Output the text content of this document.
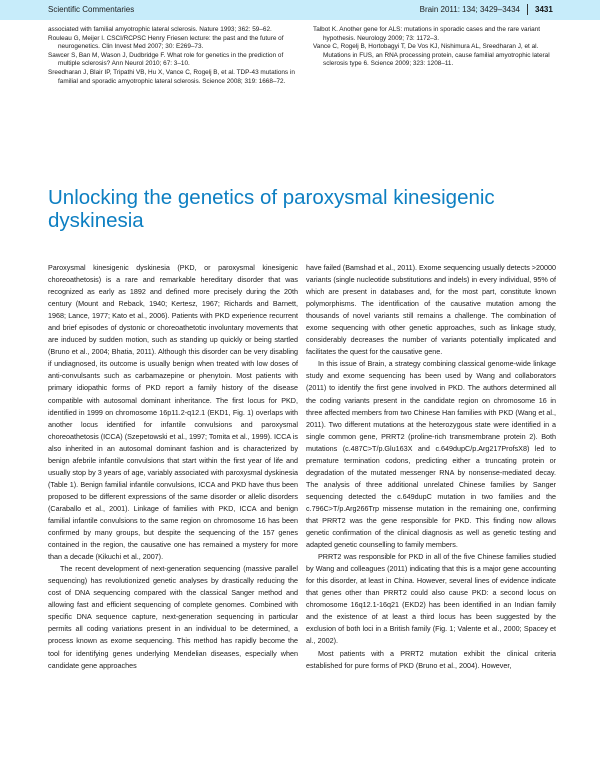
Scientific Commentaries	Brain 2011: 134; 3429–3434 3431

associated with familial amyotrophic lateral sclerosis. Nature 1993; 362: 59–62.

Rouleau G, Meijer I. CSCI/RCPSC Henry Friesen lecture: the past and the future of neurogenetics. Clin Invest Med 2007; 30: E269–73.

Sawcer S, Ban M, Wason J, Dudbridge F. What role for genetics in the prediction of multiple sclerosis? Ann Neurol 2010; 67: 3–10.

Sreedharan J, Blair IP, Tripathi VB, Hu X, Vance C, Rogelj B, et al. TDP-43 mutations in familial and sporadic amyotrophic lateral sclerosis. Science 2008; 319: 1668–72.

Talbot K. Another gene for ALS: mutations in sporadic cases and the rare variant hypothesis. Neurology 2009; 73: 1172–3.

Vance C, Rogelj B, Hortobagyi T, De Vos KJ, Nishimura AL, Sreedharan J, et al. Mutations in FUS, an RNA processing protein, cause familial amyotrophic lateral sclerosis type 6. Science 2009; 323: 1208–11.

Unlocking the genetics of paroxysmal kinesigenic dyskinesia

Paroxysmal kinesigenic dyskinesia (PKD, or paroxysmal kinesigenic choreoathetosis) is a rare and remarkable hereditary disorder that was recognized as early as 1892 and defined more precisely during the 20th century (Mount and Reback, 1940; Kertesz, 1967; Richards and Barnett, 1968; Lance, 1977; Kato et al., 2006). Patients with PKD experience recurrent and brief episodes of dystonic or choreoathetotic involuntary movements that are induced by sudden motion, such as standing up quickly or being startled (Bruno et al., 2004; Bhatia, 2011). Although this disorder can be very disabling if undiagnosed, its outcome is usually benign when treated with low doses of anti-convulsants such as carbamazepine or phenytoin. Most patients with primary idiopathic forms of PKD report a family history of the disease compatible with autosomal dominant inheritance. The first locus for PKD, identified in 1999 on chromosome 16p11.2-q12.1 (EKD1, Fig. 1) overlaps with another locus identified for infantile convulsions and paroxysmal choreoathetosis (ICCA) (Szepetowski et al., 1997; Tomita et al., 1999). ICCA is also inherited in an autosomal dominant fashion and is characterized by benign afebrile infantile convulsions that start within the first year of life and usually stop by 3 years of age, variably associated with paroxysmal dyskinesia (Table 1). Benign familial infantile convulsions, ICCA and PKD have thus been proposed to be different expressions of the same disorder or allelic disorders (Caraballo et al., 2001). Linkage of families with PKD, ICCA and benign familial infantile convulsions to the same region on chromosome 16 has been confirmed by many groups, but despite the sequencing of the 157 genes contained in the region, the causative one has remained a mystery for more than a decade (Kikuchi et al., 2007).

The recent development of next-generation sequencing (massive parallel sequencing) has revolutionized genetic analyses by drastically reducing the cost of DNA sequencing compared with the classical Sanger method and allowing fast and efficient sequencing of complete genomes. Combined with specific DNA sequence capture, next-generation sequencing in particular permits all coding variations present in an individual to be determined, a process known as exome sequencing. This method has rapidly become the tool for identifying genes underlying Mendelian diseases, especially when candidate gene approaches

have failed (Bamshad et al., 2011). Exome sequencing usually detects >20000 variants (single nucleotide substitutions and indels) in every individual, 95% of which are present in databases and, for the most part, constitute known polymorphisms. The identification of the causative mutation among the thousands of novel variants still remains a challenge. The combination of exome sequencing with other genetic approaches, such as linkage study, considerably decreases the number of variants potentially implicated and facilitates the quest for the causative gene.

In this issue of Brain, a strategy combining classical genome-wide linkage study and exome sequencing has been used by Wang and collaborators (2011) to identify the first gene involved in PKD. The authors determined all the coding variants present in the candidate region on chromosome 16 in three affected members from two Chinese Han families with PKD (Wang et al., 2011). Two different mutations at the heterozygous state were identified in a single common gene, PRRT2 (proline-rich transmembrane protein 2). Both mutations (c.487C>T/p.Glu163X and c.649dupC/p.Arg217ProfsX8) led to premature termination codons, predicting either a truncating protein or degradation of the mutated messenger RNA by nonsense-mediated decay. The analysis of three additional unrelated Chinese families by Sanger sequencing detected the c.649dupC mutation in two families and the c.796C>T/p.Arg266Trp missense mutation in the remaining one, confirming that PRRT2 was the gene responsible for PKD. This finding now allows genetic confirmation of the clinical diagnosis as well as genetic testing and adapted genetic counselling to family members.

PRRT2 was responsible for PKD in all of the five Chinese families studied by Wang and colleagues (2011) indicating that this is a major gene accounting for this disorder, at least in China. However, several lines of evidence indicate that genes other than PRRT2 could also cause PKD: a second locus on chromosome 16q12.1-16q21 (EKD2) has been identified in an Indian family and the existence of at least a third locus has been suggested by the exclusion of both loci in a British family (Fig. 1; Valente et al., 2000; Spacey et al., 2002).

Most patients with a PRRT2 mutation exhibit the clinical criteria established for pure forms of PKD (Bruno et al., 2004). However,
